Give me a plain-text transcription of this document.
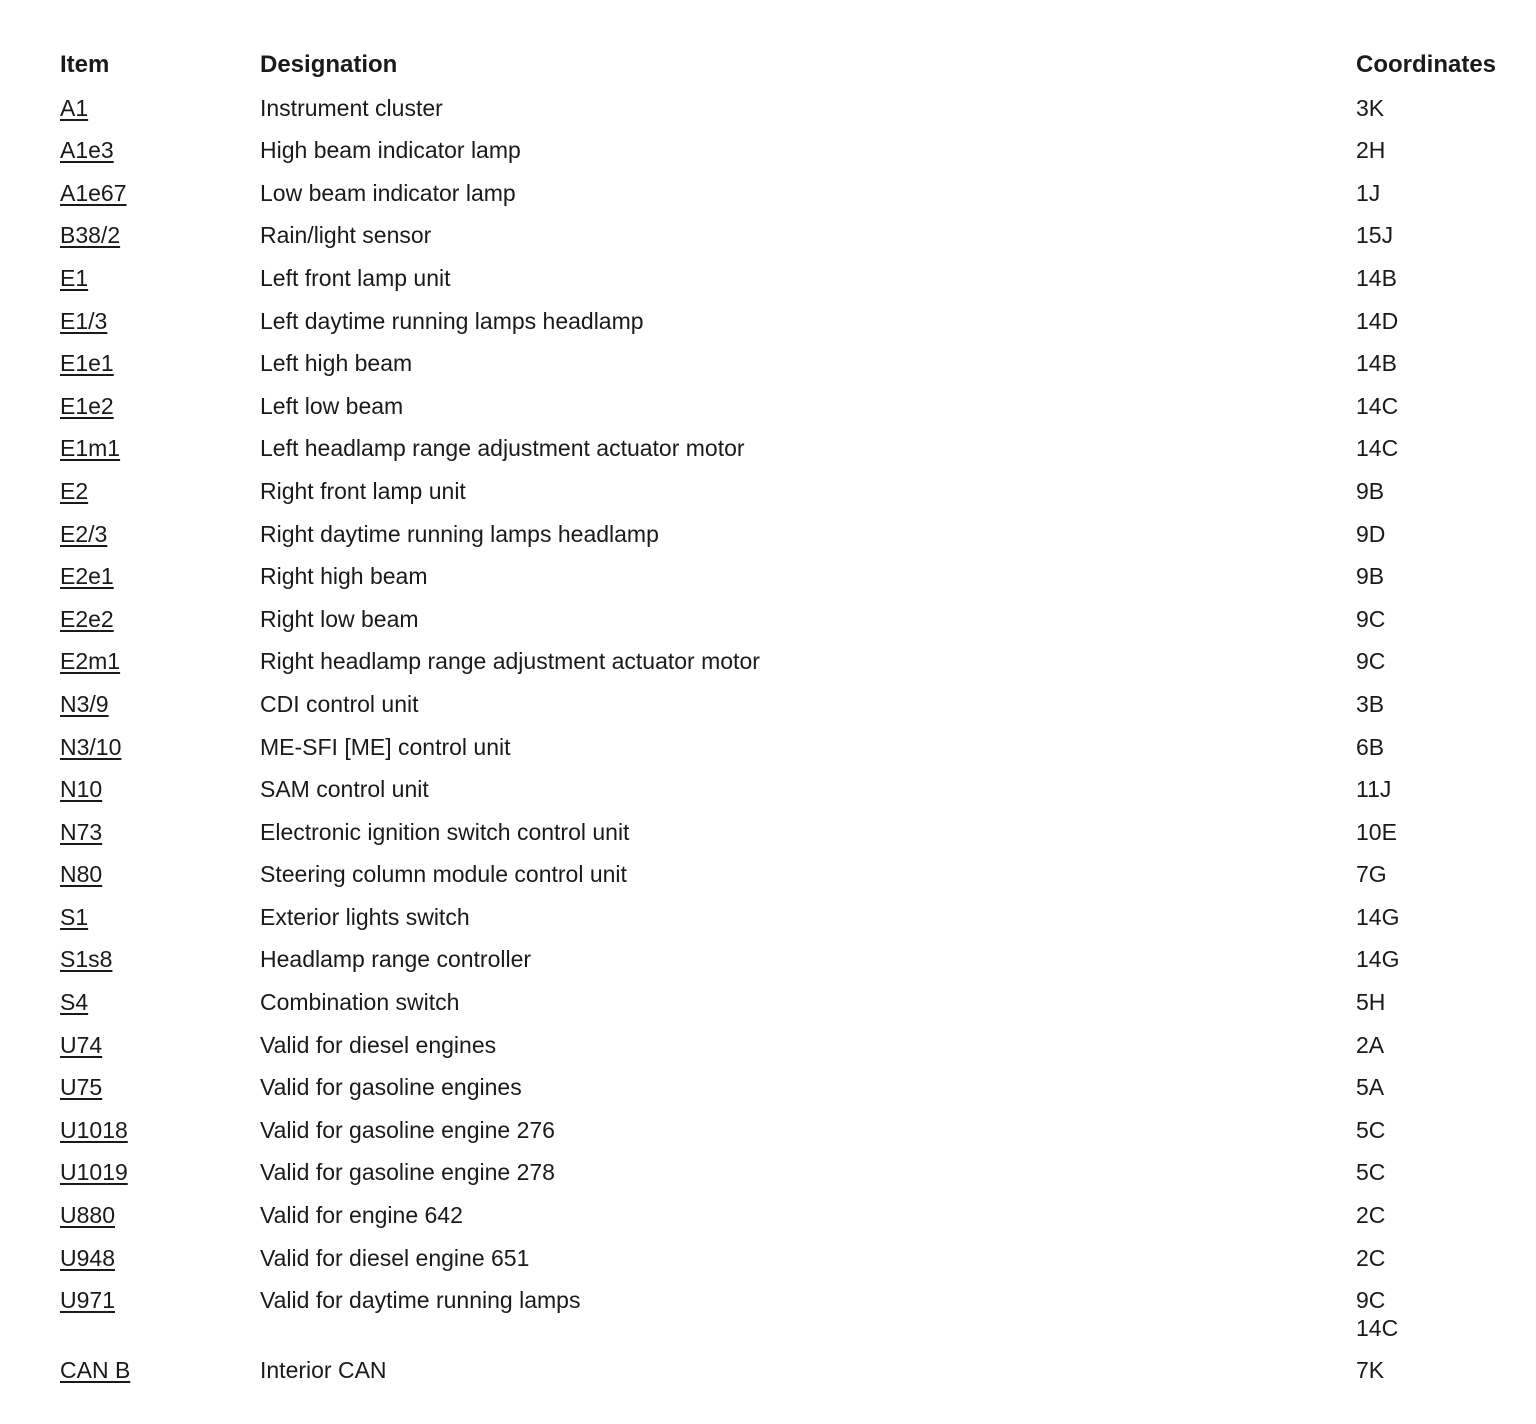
Item	Designation	Coordinates
A1	Instrument cluster	3K
A1e3	High beam indicator lamp	2H
A1e67	Low beam indicator lamp	1J
B38/2	Rain/light sensor	15J
E1	Left front lamp unit	14B
E1/3	Left daytime running lamps headlamp	14D
E1e1	Left high beam	14B
E1e2	Left low beam	14C
E1m1	Left headlamp range adjustment actuator motor	14C
E2	Right front lamp unit	9B
E2/3	Right daytime running lamps headlamp	9D
E2e1	Right high beam	9B
E2e2	Right low beam	9C
E2m1	Right headlamp range adjustment actuator motor	9C
N3/9	CDI control unit	3B
N3/10	ME-SFI [ME] control unit	6B
N10	SAM control unit	11J
N73	Electronic ignition switch control unit	10E
N80	Steering column module control unit	7G
S1	Exterior lights switch	14G
S1s8	Headlamp range controller	14G
S4	Combination switch	5H
U74	Valid for diesel engines	2A
U75	Valid for gasoline engines	5A
U1018	Valid for gasoline engine 276	5C
U1019	Valid for gasoline engine 278	5C
U880	Valid for engine 642	2C
U948	Valid for diesel engine 651	2C
U971	Valid for daytime running lamps	9C
14C
CAN B	Interior CAN	7K
